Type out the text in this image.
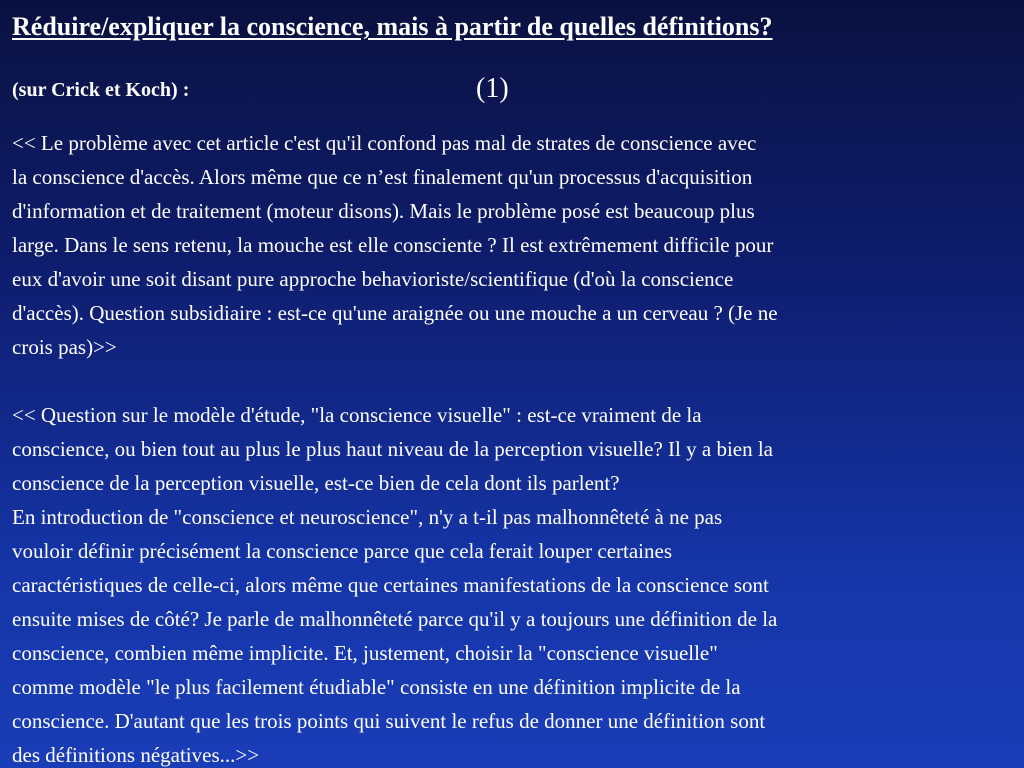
Réduire/expliquer la conscience, mais à partir de quelles définitions?

(sur Crick et Koch) :	(1)

<< Le problème avec cet article c'est qu'il confond pas mal de strates de conscience avec
la conscience d'accès. Alors même que ce n’est finalement qu'un processus d'acquisition
d'information et de traitement (moteur disons). Mais le problème posé est beaucoup plus
large. Dans le sens retenu, la mouche est elle consciente ? Il est extrêmement difficile pour
eux d'avoir une soit disant pure approche behavioriste/scientifique (d'où la conscience
d'accès). Question subsidiaire : est-ce qu'une araignée ou une mouche a un cerveau ? (Je ne
crois pas)>>

<< Question sur le modèle d'étude, "la conscience visuelle" : est-ce vraiment de la
conscience, ou bien tout au plus le plus haut niveau de la perception visuelle? Il y a bien la
conscience de la perception visuelle, est-ce bien de cela dont ils parlent?

En introduction de "conscience et neuroscience", n'y a t-il pas malhonnêteté à ne pas
vouloir définir précisément la conscience parce que cela ferait louper certaines
caractéristiques de celle-ci, alors même que certaines manifestations de la conscience sont
ensuite mises de côté? Je parle de malhonnêteté parce qu'il y a toujours une définition de la
conscience, combien même implicite. Et, justement, choisir la "conscience visuelle"
comme modèle "le plus facilement étudiable" consiste en une définition implicite de la
conscience. D'autant que les trois points qui suivent le refus de donner une définition sont
des définitions négatives...>>
